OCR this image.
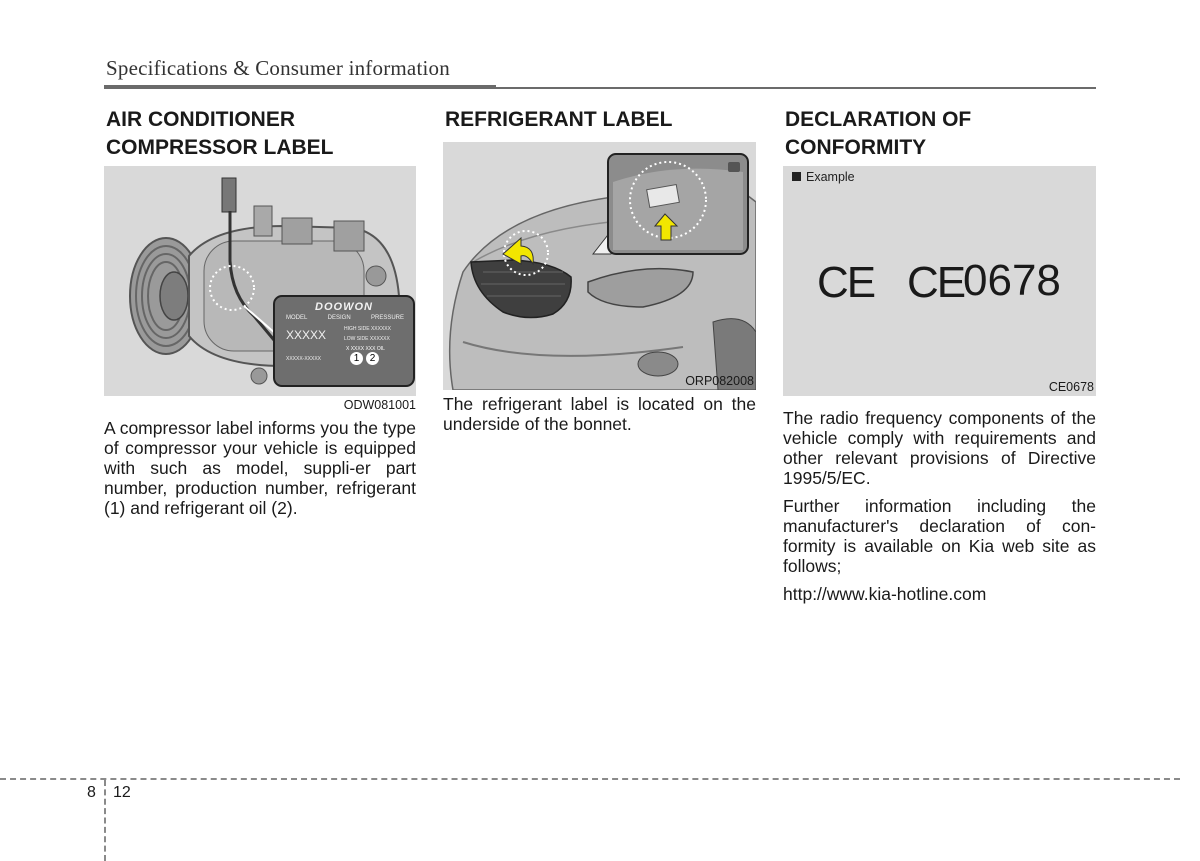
Specifications & Consumer information
AIR CONDITIONER
COMPRESSOR LABEL
DOOWON
MODEL	DESIGN	PRESSURE
XXXXX	HIGH SIDE XXXXXX
LOW SIDE XXXXXX
X XXXX XXX OIL
XXXXX-XXXXX	1	2
ODW081001

A compressor label informs you the type of compressor your vehicle is equipped with such as model, suppli-er part number, production number, refrigerant (1) and refrigerant oil (2).

REFRIGERANT LABEL
ORP082008

The refrigerant label is located on the underside of the bonnet.

DECLARATION OF
CONFORMITY
Example
CE CE
0678
CE0678

The radio frequency components of the vehicle comply with requirements and other relevant provisions of Directive 1995/5/EC.

Further information including the manufacturer's declaration of con-formity is available on Kia web site as follows;

http://www.kia-hotline.com

8 12
